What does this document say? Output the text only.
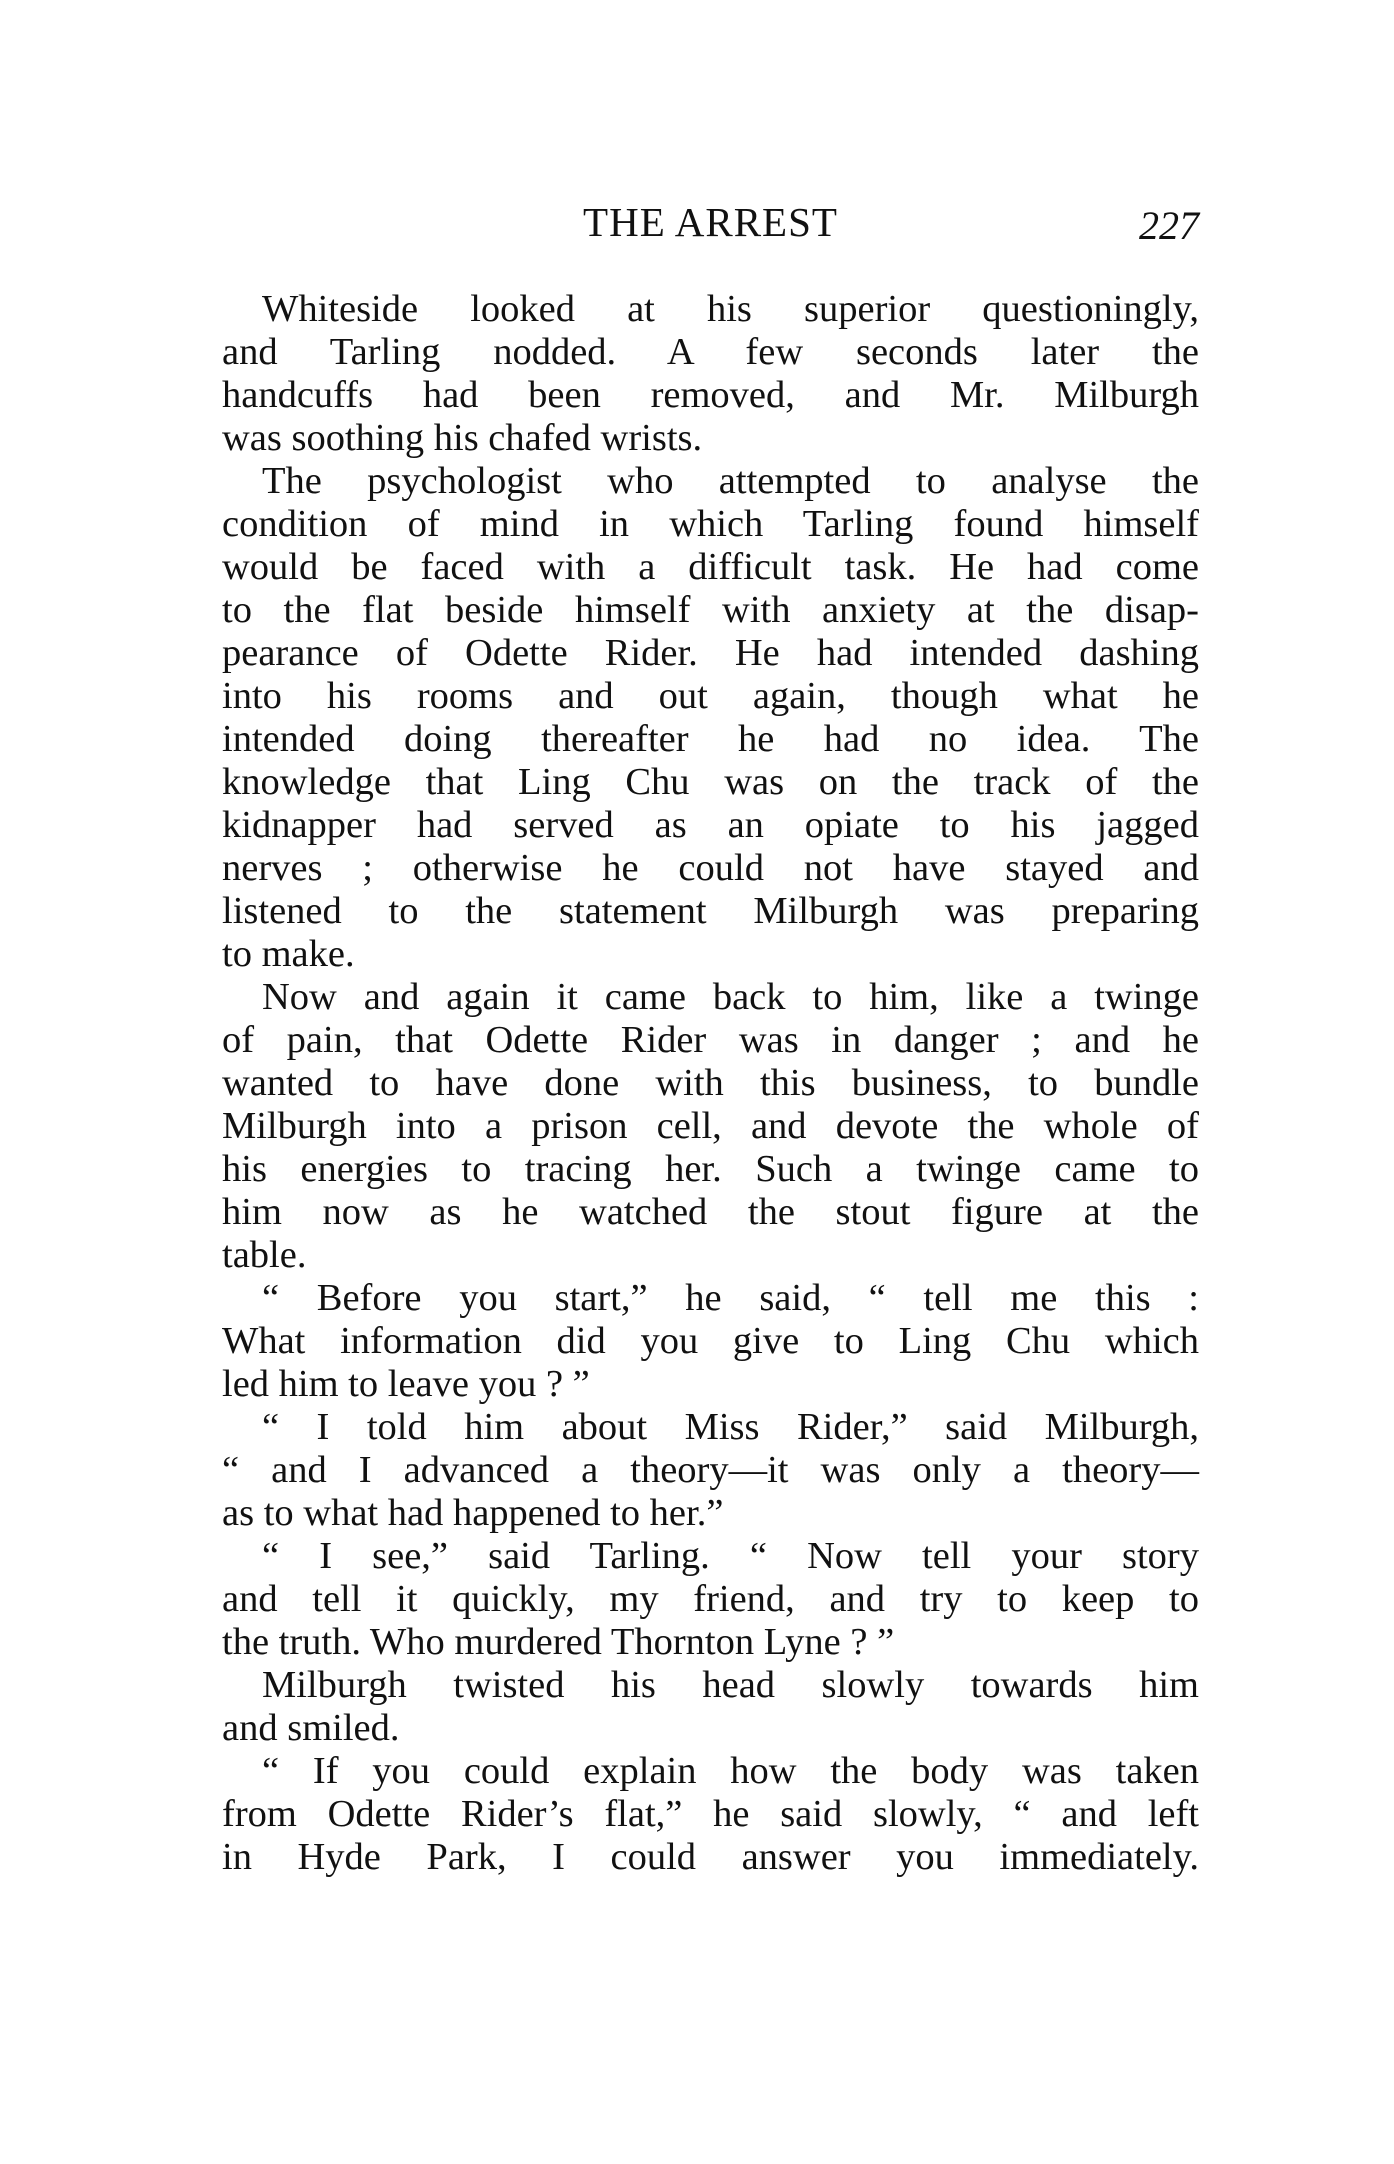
THE ARREST	227
Whiteside looked at his superior questioningly,
and Tarling nodded. A few seconds later the
handcuffs had been removed, and Mr. Milburgh
was soothing his chafed wrists.
The psychologist who attempted to analyse the
condition of mind in which Tarling found himself
would be faced with a difficult task. He had come
to the flat beside himself with anxiety at the disap-
pearance of Odette Rider. He had intended dashing
into his rooms and out again, though what he
intended doing thereafter he had no idea. The
knowledge that Ling Chu was on the track of the
kidnapper had served as an opiate to his jagged
nerves ; otherwise he could not have stayed and
listened to the statement Milburgh was preparing
to make.
Now and again it came back to him, like a twinge
of pain, that Odette Rider was in danger ; and he
wanted to have done with this business, to bundle
Milburgh into a prison cell, and devote the whole of
his energies to tracing her. Such a twinge came to
him now as he watched the stout figure at the
table.
“ Before you start,” he said, “ tell me this :
What information did you give to Ling Chu which
led him to leave you ? ”
“ I told him about Miss Rider,” said Milburgh,
“ and I advanced a theory—it was only a theory—
as to what had happened to her.”
“ I see,” said Tarling. “ Now tell your story
and tell it quickly, my friend, and try to keep to
the truth. Who murdered Thornton Lyne ? ”
Milburgh twisted his head slowly towards him
and smiled.
“ If you could explain how the body was taken
from Odette Rider’s flat,” he said slowly, “ and left
in Hyde Park, I could answer you immediately.
